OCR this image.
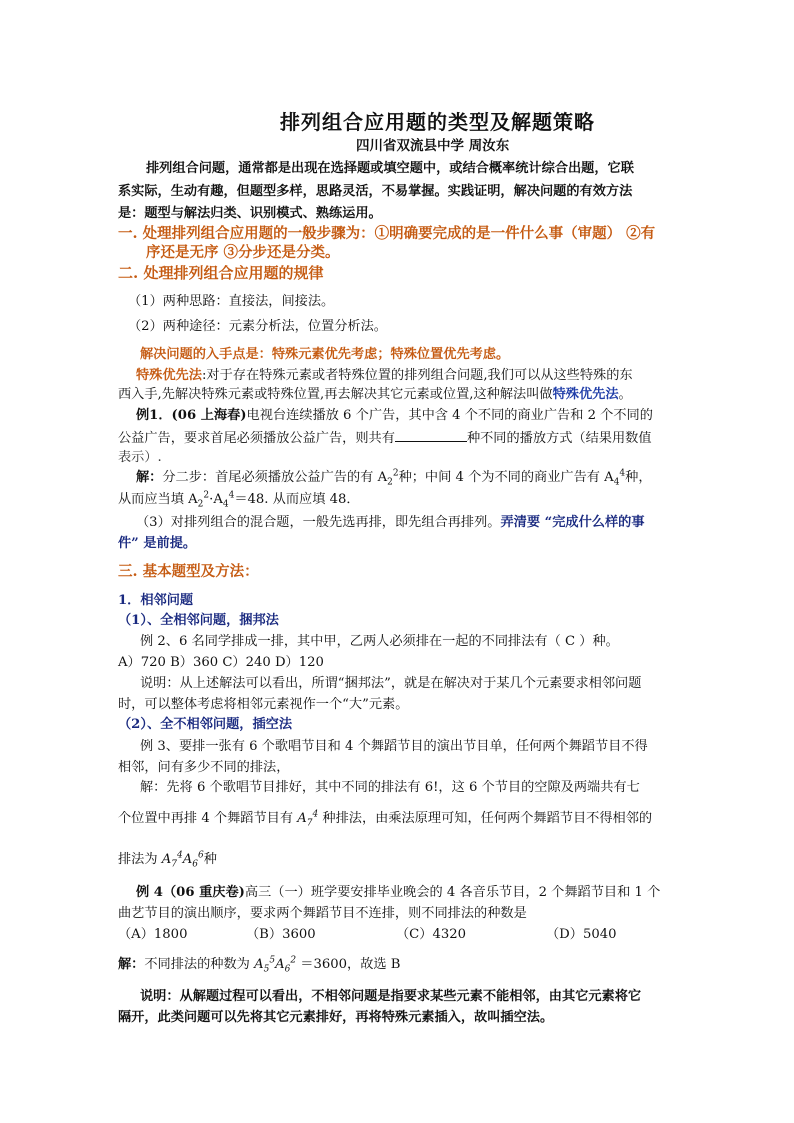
排列组合应用题的类型及解题策略
四川省双流县中学 周汝东
排列组合问题，通常都是出现在选择题或填空题中，或结合概率统计综合出题，它联
系实际，生动有趣，但题型多样，思路灵活，不易掌握。实践证明，解决问题的有效方法
是：题型与解法归类、识别模式、熟练运用。
一. 处理排列组合应用题的一般步骤为：①明确要完成的是一件什么事（审题） ②有
序还是无序 ③分步还是分类。
二. 处理排列组合应用题的规律
（1）两种思路：直接法，间接法。
（2）两种途径：元素分析法，位置分析法。
解决问题的入手点是：特殊元素优先考虑；特殊位置优先考虑。
特殊优先法:对于存在特殊元素或者特殊位置的排列组合问题,我们可以从这些特殊的东
西入手,先解决特殊元素或特殊位置,再去解决其它元素或位置,这种解法叫做特殊优先法。
例1．(06 上海春)电视台连续播放 6 个广告，其中含 4 个不同的商业广告和 2 个不同的
公益广告，要求首尾必须播放公益广告，则共有	种不同的播放方式（结果用数值
表示）.
解：分二步：首尾必须播放公益广告的有 $A_2^2$种；中间 4 个为不同的商业广告有 $A_4^4$种，
从而应当填 $A_2^2\cdot A_4^4=48$. 从而应填 48．
（3）对排列组合的混合题，一般先选再排，即先组合再排列。弄清要 “完成什么样的事
件” 是前提。
三. 基本题型及方法：
1．相邻问题
（1）、全相邻问题，捆邦法
例 2、6 名同学排成一排，其中甲，乙两人必须排在一起的不同排法有（ C ）种。
A）720 B）360 C）240 D）120
说明：从上述解法可以看出，所谓“捆邦法”，就是在解决对于某几个元素要求相邻问题
时，可以整体考虑将相邻元素视作一个“大”元素。
（2）、全不相邻问题，插空法
例 3、要排一张有 6 个歌唱节目和 4 个舞蹈节目的演出节目单，任何两个舞蹈节目不得
相邻，问有多少不同的排法，
解：先将 6 个歌唱节目排好，其中不同的排法有 6!，这 6 个节目的空隙及两端共有七
个位置中再排 4 个舞蹈节目有 $A_7^4$ 种排法，由乘法原理可知，任何两个舞蹈节目不得相邻的
排法为 $A_7^4A_6^6$种
例 4（06 重庆卷)高三（一）班学要安排毕业晚会的 4 各音乐节目，2 个舞蹈节目和 1 个
曲艺节目的演出顺序，要求两个舞蹈节目不连排，则不同排法的种数是
（A）1800	（B）3600	（C）4320	（D）5040
解：不同排法的种数为 $A_5^5A_6^2 =3600$，故选 B
说明：从解题过程可以看出，不相邻问题是指要求某些元素不能相邻，由其它元素将它
隔开，此类问题可以先将其它元素排好，再将特殊元素插入，故叫插空法。
